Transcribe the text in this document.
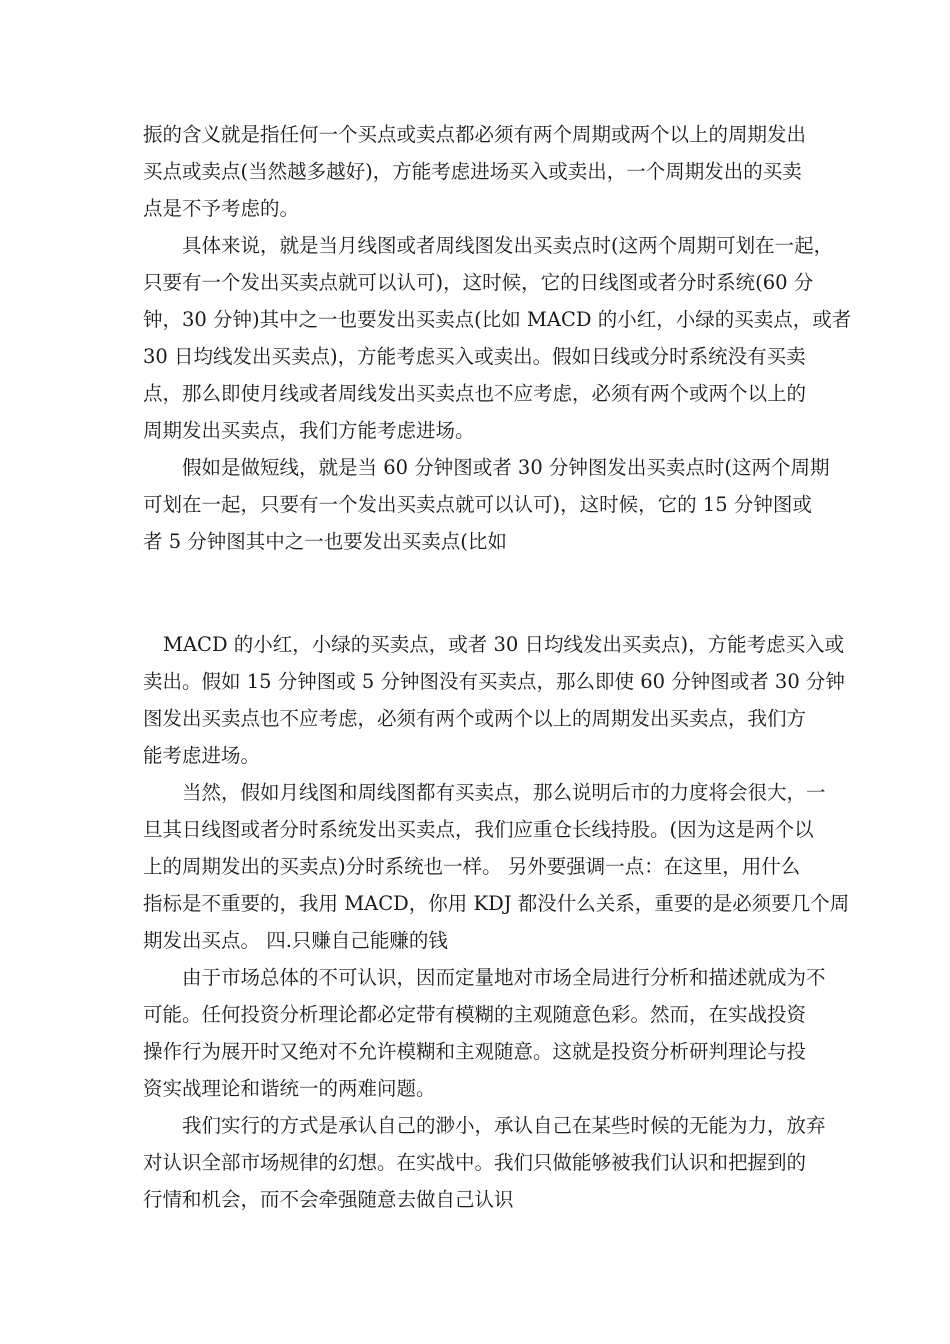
振的含义就是指任何一个买点或卖点都必须有两个周期或两个以上的周期发出
买点或卖点(当然越多越好)，方能考虑进场买入或卖出，一个周期发出的买卖
点是不予考虑的。
具体来说，就是当月线图或者周线图发出买卖点时(这两个周期可划在一起，
只要有一个发出买卖点就可以认可)，这时候，它的日线图或者分时系统(60 分
钟，30 分钟)其中之一也要发出买卖点(比如 MACD 的小红，小绿的买卖点，或者
30 日均线发出买卖点)，方能考虑买入或卖出。假如日线或分时系统没有买卖
点，那么即使月线或者周线发出买卖点也不应考虑，必须有两个或两个以上的
周期发出买卖点，我们方能考虑进场。
假如是做短线，就是当 60 分钟图或者 30 分钟图发出买卖点时(这两个周期
可划在一起，只要有一个发出买卖点就可以认可)，这时候，它的 15 分钟图或
者 5 分钟图其中之一也要发出买卖点(比如
MACD 的小红，小绿的买卖点，或者 30 日均线发出买卖点)，方能考虑买入或
卖出。假如 15 分钟图或 5 分钟图没有买卖点，那么即使 60 分钟图或者 30 分钟
图发出买卖点也不应考虑，必须有两个或两个以上的周期发出买卖点，我们方
能考虑进场。
当然，假如月线图和周线图都有买卖点，那么说明后市的力度将会很大，一
旦其日线图或者分时系统发出买卖点，我们应重仓长线持股。(因为这是两个以
上的周期发出的买卖点)分时系统也一样。 另外要强调一点：在这里，用什么
指标是不重要的，我用 MACD，你用 KDJ 都没什么关系，重要的是必须要几个周
期发出买点。 四.只赚自己能赚的钱
由于市场总体的不可认识，因而定量地对市场全局进行分析和描述就成为不
可能。任何投资分析理论都必定带有模糊的主观随意色彩。然而，在实战投资
操作行为展开时又绝对不允许模糊和主观随意。这就是投资分析研判理论与投
资实战理论和谐统一的两难问题。
我们实行的方式是承认自己的渺小，承认自己在某些时候的无能为力，放弃
对认识全部市场规律的幻想。在实战中。我们只做能够被我们认识和把握到的
行情和机会，而不会牵强随意去做自己认识
